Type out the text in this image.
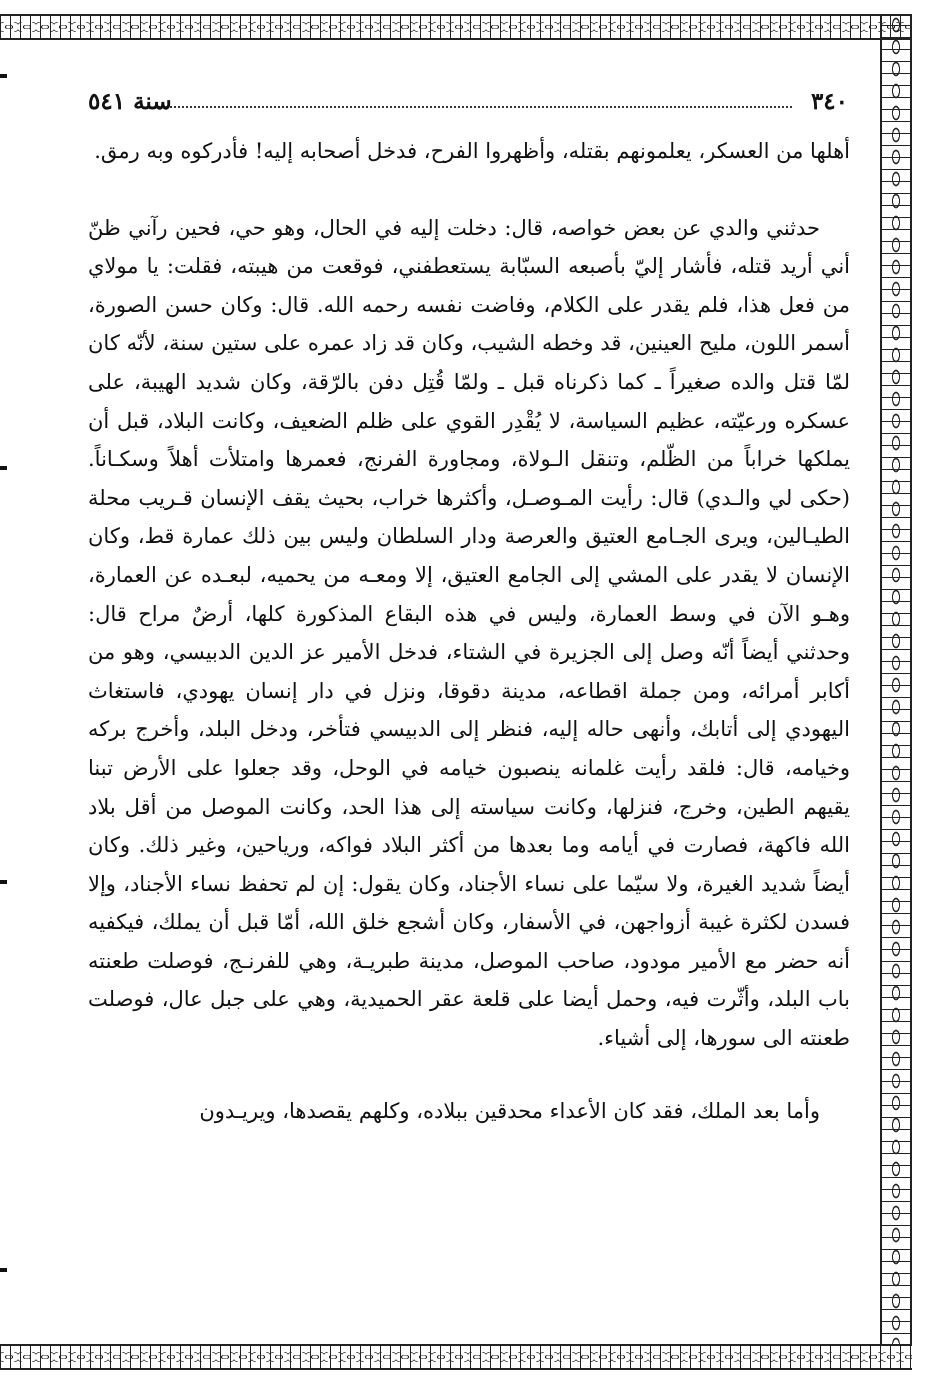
٣٤٠
سنة ٥٤١

أهلها من العسكر، يعلمونهم بقتله، وأظهروا الفرح، فدخل أصحابه إليه! فأدركوه وبه رمق.

حدثني والدي عن بعض خواصه، قال: دخلت إليه في الحال، وهو حي، فحين رآني ظنّ أني أريد قتله، فأشار إليّ بأصبعه السبّابة يستعطفني، فوقعت من هيبته، فقلت: يا مولاي من فعل هذا، فلم يقدر على الكلام، وفاضت نفسه رحمه الله. قال: وكان حسن الصورة، أسمر اللون، مليح العينين، قد وخطه الشيب، وكان قد زاد عمره على ستين سنة، لأنّه كان لمّا قتل والده صغيراً ـ كما ذكرناه قبل ـ ولمّا قُتِل دفن بالرّقة، وكان شديد الهيبة، على عسكره ورعيّته، عظيم السياسة، لا يُقْدِر القوي على ظلم الضعيف، وكانت البلاد، قبل أن يملكها خراباً من الظّلم، وتنقل الـولاة، ومجاورة الفرنج، فعمرها وامتلأت أهلاً وسكـاناً. (حكى لي والـدي) قال: رأيت المـوصـل، وأكثرها خراب، بحيث يقف الإنسان قـريب محلة الطيـالين، ويرى الجـامع العتيق والعرصة ودار السلطان وليس بين ذلك عمارة قط، وكان الإنسان لا يقدر على المشي إلى الجامع العتيق، إلا ومعـه من يحميه، لبعـده عن العمارة، وهـو الآن في وسط العمارة، وليس في هذه البقاع المذكورة كلها، أرضٌ مراح قال: وحدثني أيضاً أنّه وصل إلى الجزيرة في الشتاء، فدخل الأمير عز الدين الدبيسي، وهو من أكابر أمرائه، ومن جملة اقطاعه، مدينة دقوقا، ونزل في دار إنسان يهودي، فاستغاث اليهودي إلى أتابك، وأنهى حاله إليه، فنظر إلى الدبيسي فتأخر، ودخل البلد، وأخرج بركه وخيامه، قال: فلقد رأيت غلمانه ينصبون خيامه في الوحل، وقد جعلوا على الأرض تبنا يقيهم الطين، وخرج، فنزلها، وكانت سياسته إلى هذا الحد، وكانت الموصل من أقل بلاد الله فاكهة، فصارت في أيامه وما بعدها من أكثر البلاد فواكه، ورياحين، وغير ذلك. وكان أيضاً شديد الغيرة، ولا سيّما على نساء الأجناد، وكان يقول: إن لم تحفظ نساء الأجناد، وإلا فسدن لكثرة غيبة أزواجهن، في الأسفار، وكان أشجع خلق الله، أمّا قبل أن يملك، فيكفيه أنه حضر مع الأمير مودود، صاحب الموصل، مدينة طبريـة، وهي للفرنـج، فوصلت طعنته باب البلد، وأثّرت فيه، وحمل أيضا على قلعة عقر الحميدية، وهي على جبل عال، فوصلت طعنته الى سورها، إلى أشياء.

وأما بعد الملك، فقد كان الأعداء محدقين ببلاده، وكلهم يقصدها، ويريـدون
